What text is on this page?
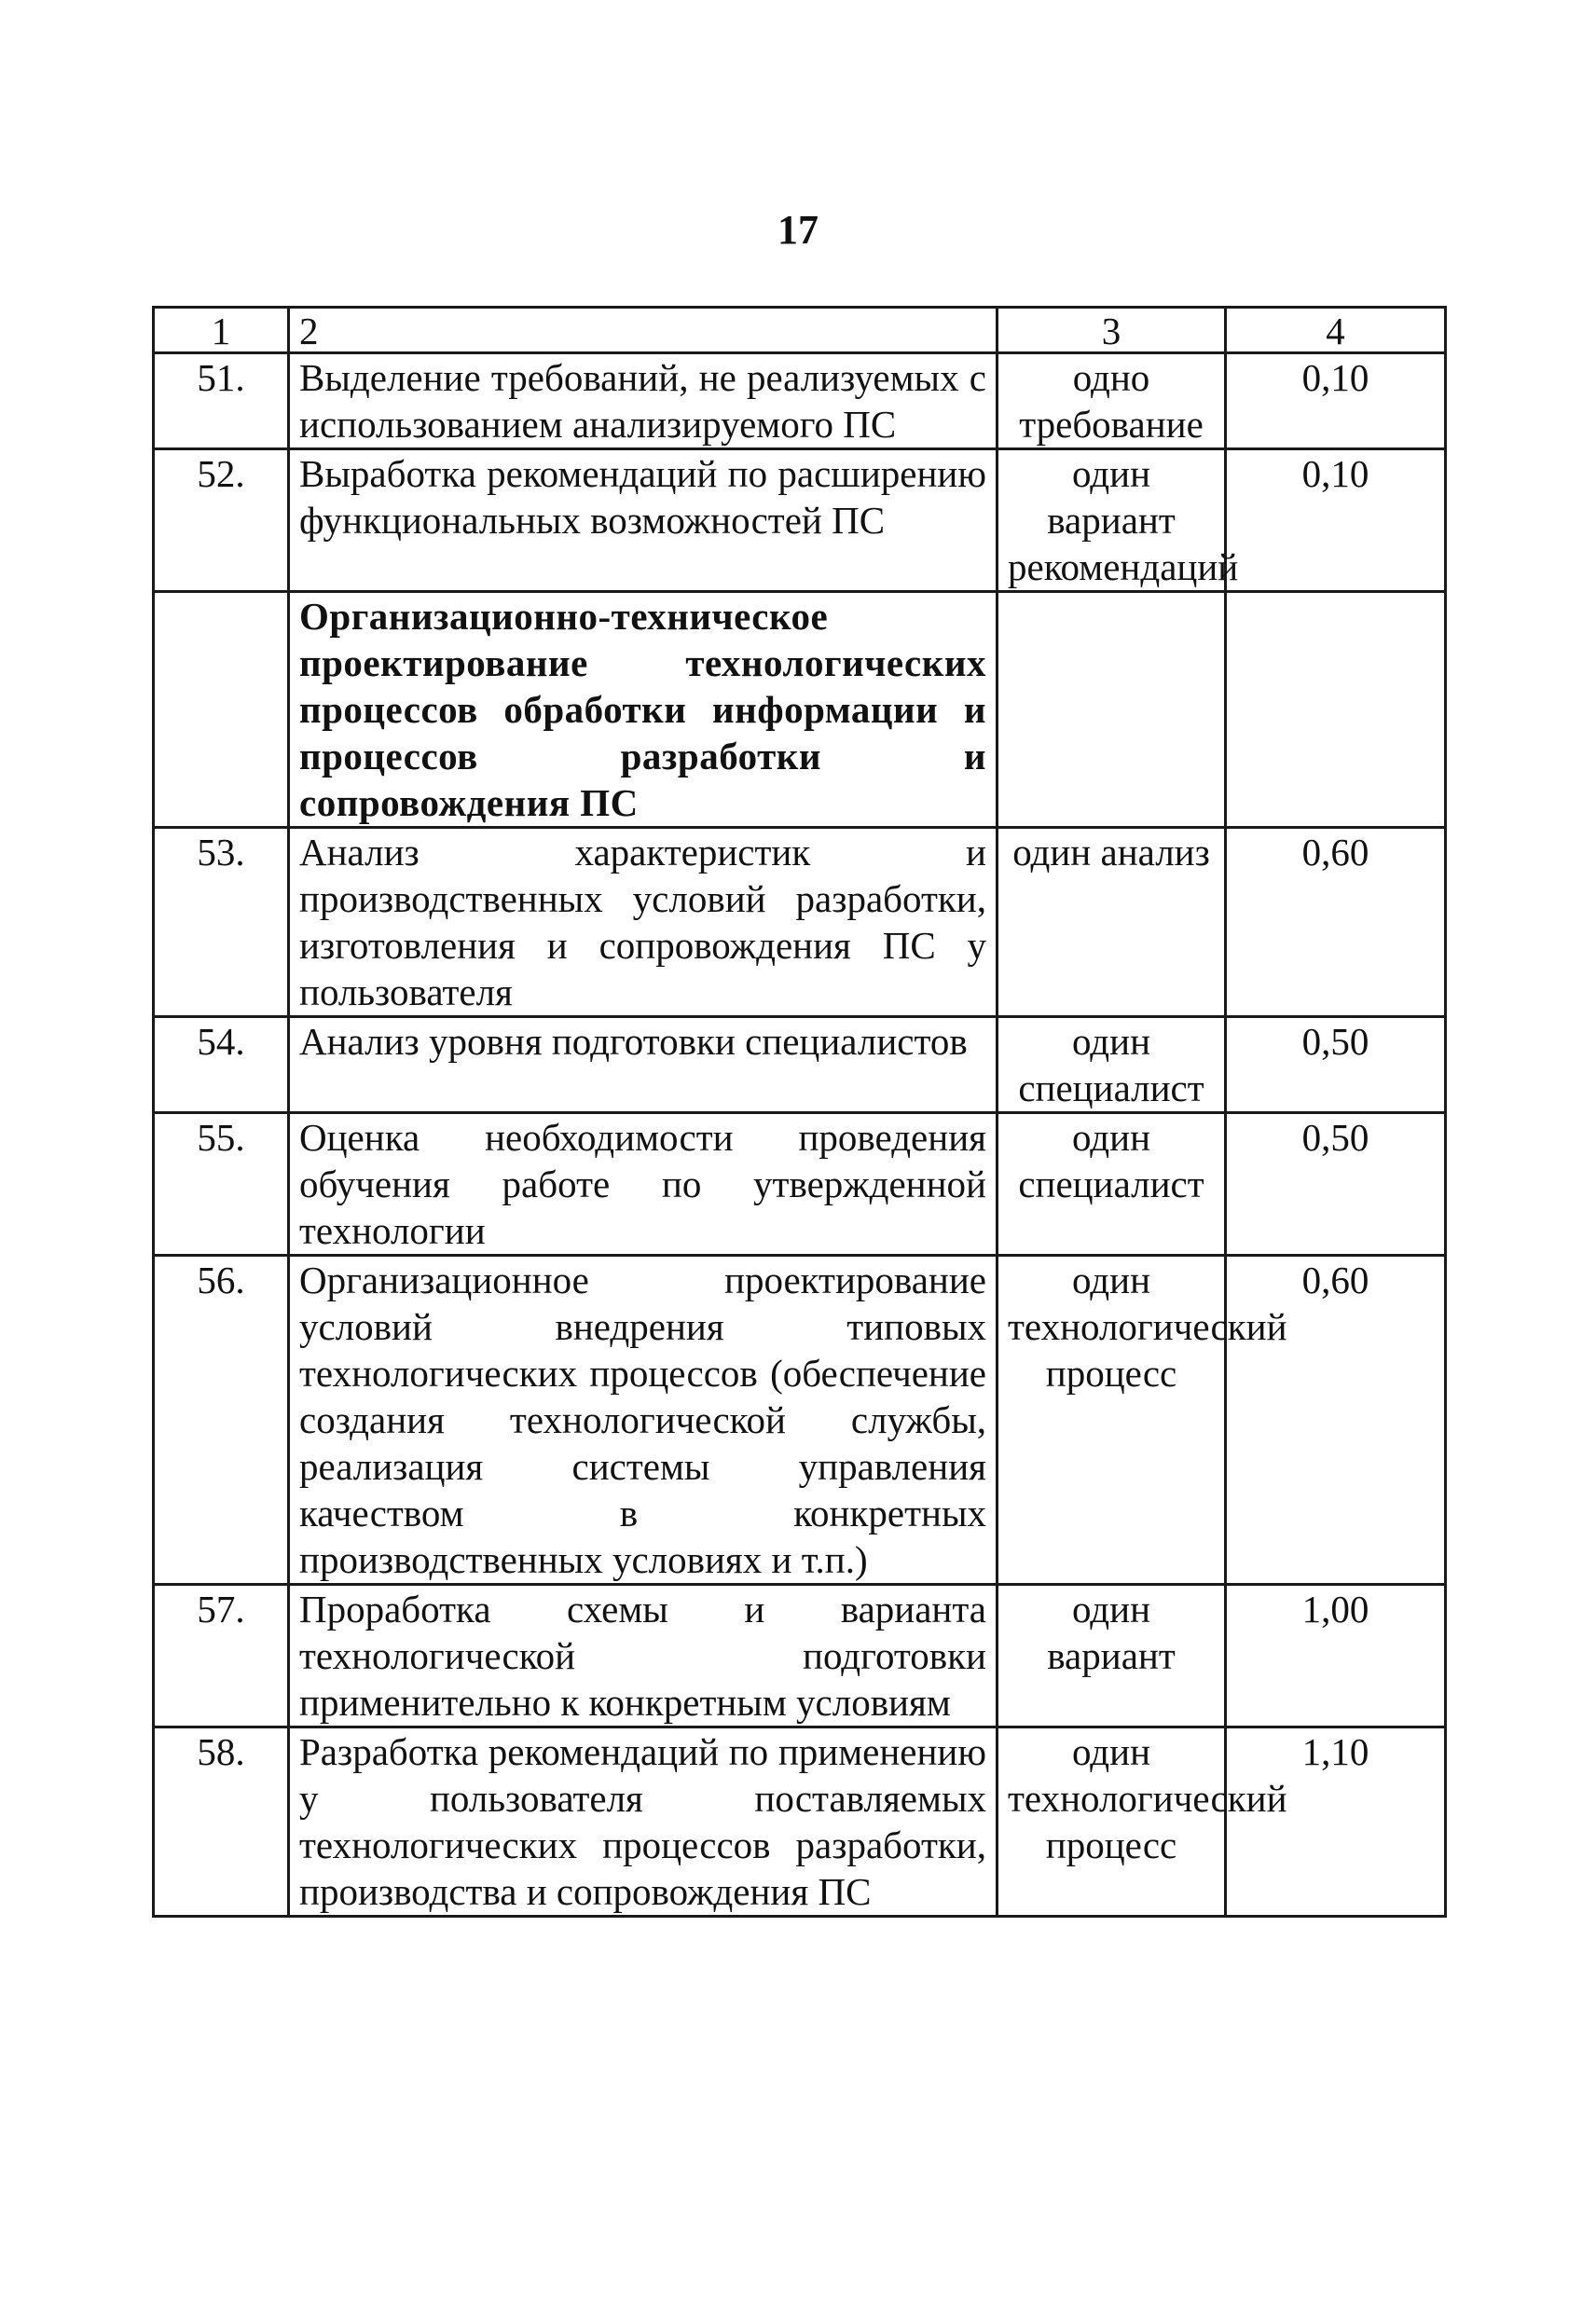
17
1	2	3	4
51.	Выделение требований, не реализуемых с использованием анализируемого ПС	одно требование	0,10
52.	Выработка рекомендаций по расширению функциональных возможностей ПС	один вариант рекомендаций	0,10
	Организационно-техническое проектирование технологических процессов обработки информации и процессов разработки и сопровождения ПС		
53.	Анализ характеристик и производственных условий разработки, изготовления и сопровождения ПС у пользователя	один анализ	0,60
54.	Анализ уровня подготовки специалистов	один специалист	0,50
55.	Оценка необходимости проведения обучения работе по утвержденной технологии	один специалист	0,50
56.	Организационное проектирование условий внедрения типовых технологических процессов (обеспечение создания технологической службы, реализация системы управления качеством в конкретных производственных условиях и т.п.)	один технологический процесс	0,60
57.	Проработка схемы и варианта технологической подготовки применительно к конкретным условиям	один вариант	1,00
58.	Разработка рекомендаций по применению у пользователя поставляемых технологических процессов разработки, производства и сопровождения ПС	один технологический процесс	1,10
